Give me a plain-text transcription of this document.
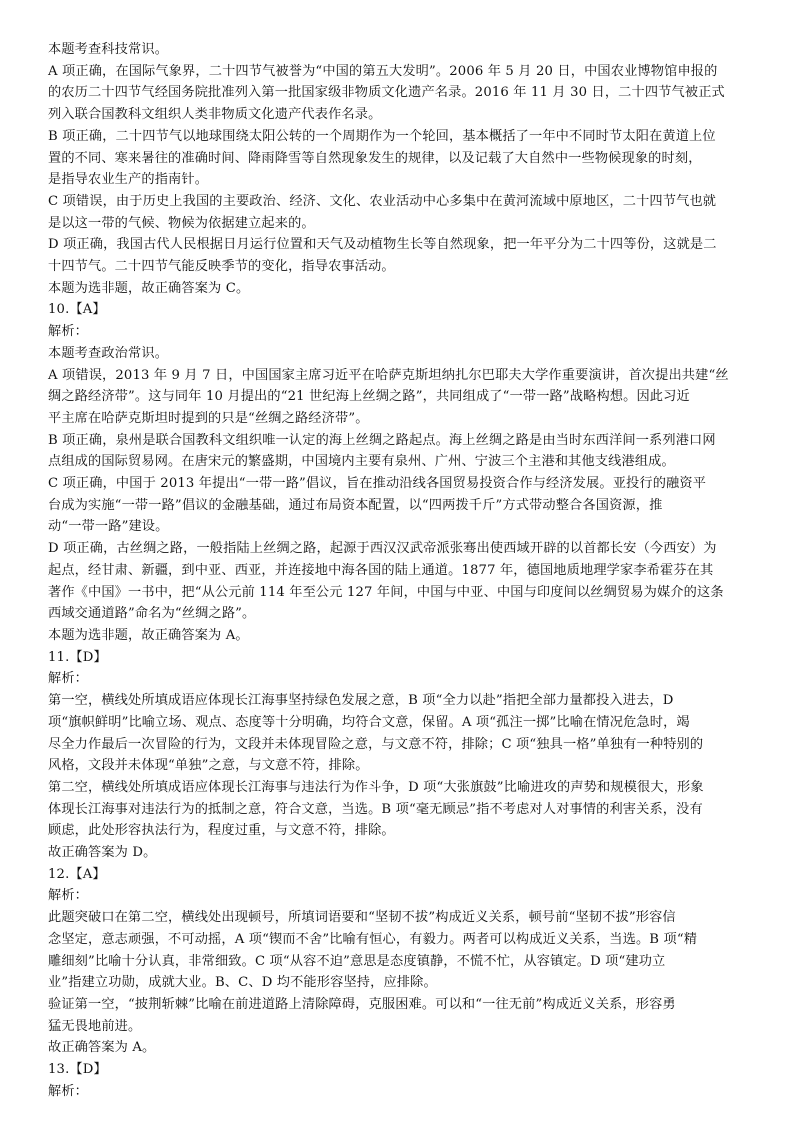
本题考查科技常识。
A 项正确，在国际气象界，二十四节气被誉为“中国的第五大发明”。2006 年 5 月 20 日，中国农业博物馆申报的
的农历二十四节气经国务院批准列入第一批国家级非物质文化遗产名录。2016 年 11 月 30 日，二十四节气被正式
列入联合国教科文组织人类非物质文化遗产代表作名录。
B 项正确，二十四节气以地球围绕太阳公转的一个周期作为一个轮回，基本概括了一年中不同时节太阳在黄道上位
置的不同、寒来暑往的准确时间、降雨降雪等自然现象发生的规律，以及记载了大自然中一些物候现象的时刻，
是指导农业生产的指南针。
C 项错误，由于历史上我国的主要政治、经济、文化、农业活动中心多集中在黄河流域中原地区，二十四节气也就
是以这一带的气候、物候为依据建立起来的。
D 项正确，我国古代人民根据日月运行位置和天气及动植物生长等自然现象，把一年平分为二十四等份，这就是二
十四节气。二十四节气能反映季节的变化，指导农事活动。
本题为选非题，故正确答案为 C。
10.【A】
解析：
本题考查政治常识。
A 项错误，2013 年 9 月 7 日，中国国家主席习近平在哈萨克斯坦纳扎尔巴耶夫大学作重要演讲，首次提出共建“丝
绸之路经济带”。这与同年 10 月提出的“21 世纪海上丝绸之路”，共同组成了“一带一路”战略构想。因此习近
平主席在哈萨克斯坦时提到的只是“丝绸之路经济带”。
B 项正确，泉州是联合国教科文组织唯一认定的海上丝绸之路起点。海上丝绸之路是由当时东西洋间一系列港口网
点组成的国际贸易网。在唐宋元的繁盛期，中国境内主要有泉州、广州、宁波三个主港和其他支线港组成。
C 项正确，中国于 2013 年提出“一带一路”倡议，旨在推动沿线各国贸易投资合作与经济发展。亚投行的融资平
台成为实施“一带一路”倡议的金融基础，通过布局资本配置，以“四两拨千斤”方式带动整合各国资源，推
动“一带一路”建设。
D 项正确，古丝绸之路，一般指陆上丝绸之路，起源于西汉汉武帝派张骞出使西域开辟的以首都长安（今西安）为
起点，经甘肃、新疆，到中亚、西亚，并连接地中海各国的陆上通道。1877 年，德国地质地理学家李希霍芬在其
著作《中国》一书中，把“从公元前 114 年至公元 127 年间，中国与中亚、中国与印度间以丝绸贸易为媒介的这条
西域交通道路”命名为“丝绸之路”。
本题为选非题，故正确答案为 A。
11.【D】
解析：
第一空，横线处所填成语应体现长江海事坚持绿色发展之意，B 项“全力以赴”指把全部力量都投入进去，D
项“旗帜鲜明”比喻立场、观点、态度等十分明确，均符合文意，保留。A 项“孤注一掷”比喻在情况危急时，竭
尽全力作最后一次冒险的行为，文段并未体现冒险之意，与文意不符，排除；C 项“独具一格”单独有一种特别的
风格，文段并未体现“单独”之意，与文意不符，排除。
第二空，横线处所填成语应体现长江海事与违法行为作斗争，D 项“大张旗鼓”比喻进攻的声势和规模很大，形象
体现长江海事对违法行为的抵制之意，符合文意，当选。B 项“毫无顾忌”指不考虑对人对事情的利害关系，没有
顾虑，此处形容执法行为，程度过重，与文意不符，排除。
故正确答案为 D。
12.【A】
解析：
此题突破口在第二空，横线处出现顿号，所填词语要和“坚韧不拔”构成近义关系，顿号前“坚韧不拔”形容信
念坚定，意志顽强，不可动摇，A 项“锲而不舍”比喻有恒心，有毅力。两者可以构成近义关系，当选。B 项“精
雕细刻”比喻十分认真，非常细致。C 项“从容不迫”意思是态度镇静，不慌不忙，从容镇定。D 项“建功立
业”指建立功勋，成就大业。B、C、D 均不能形容坚持，应排除。
验证第一空，“披荆斩棘”比喻在前进道路上清除障碍，克服困难。可以和“一往无前”构成近义关系，形容勇
猛无畏地前进。
故正确答案为 A。
13.【D】
解析：
